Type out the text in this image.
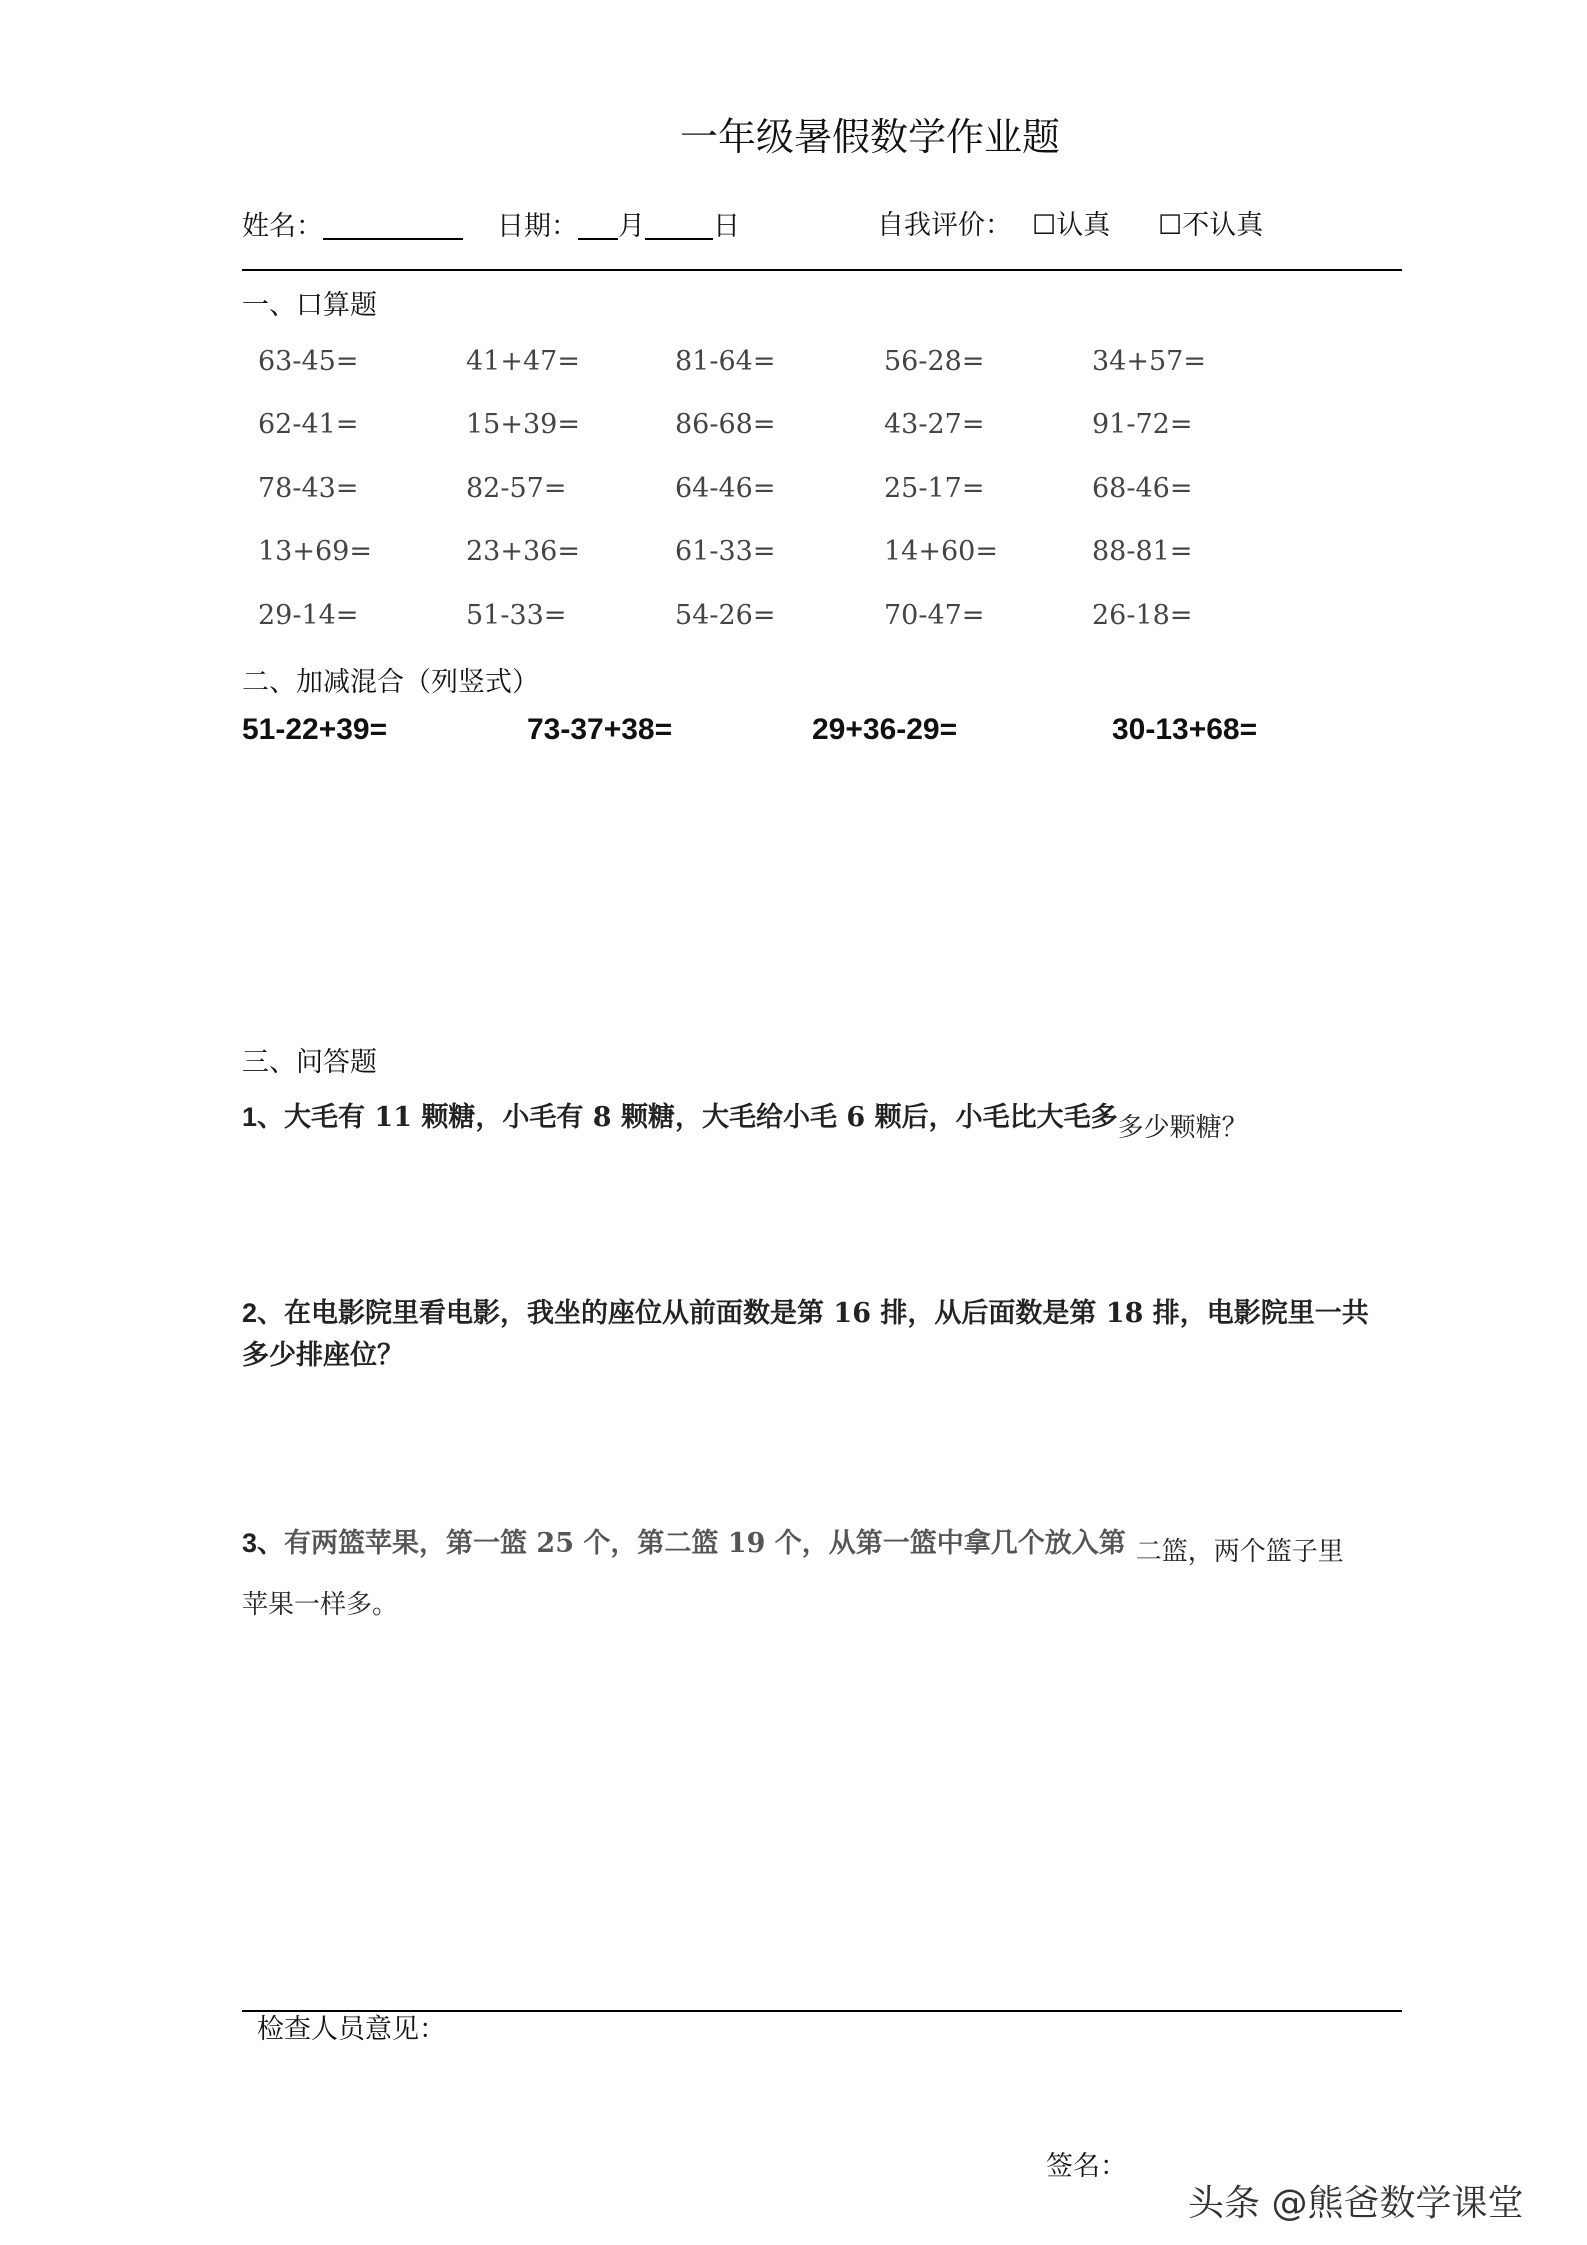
一年级暑假数学作业题
姓名：	日期： 月	日	自我评价： ☐认真 ☐不认真
一、口算题
63-45=	41+47=	81-64=	56-28=	34+57=
62-41=	15+39=	86-68=	43-27=	91-72=
78-43=	82-57=	64-46=	25-17=	68-46=
13+69=	23+36=	61-33=	14+60=	88-81=
29-14=	51-33=	54-26=	70-47=	26-18=
二、加减混合（列竖式）
51-22+39=	73-37+38=	29+36-29=	30-13+68=
三、问答题
1、大毛有 11 颗糖，小毛有 8 颗糖，大毛给小毛 6 颗后，小毛比大毛多多少颗糖？
2、在电影院里看电影，我坐的座位从前面数是第 16 排，从后面数是第 18 排，电影院里一共
多少排座位？
3、有两篮苹果，第一篮 25 个，第二篮 19 个，从第一篮中拿几个放入第 二篮，两个篮子里
苹果一样多。
检查人员意见：
签名：
头条 @熊爸数学课堂
